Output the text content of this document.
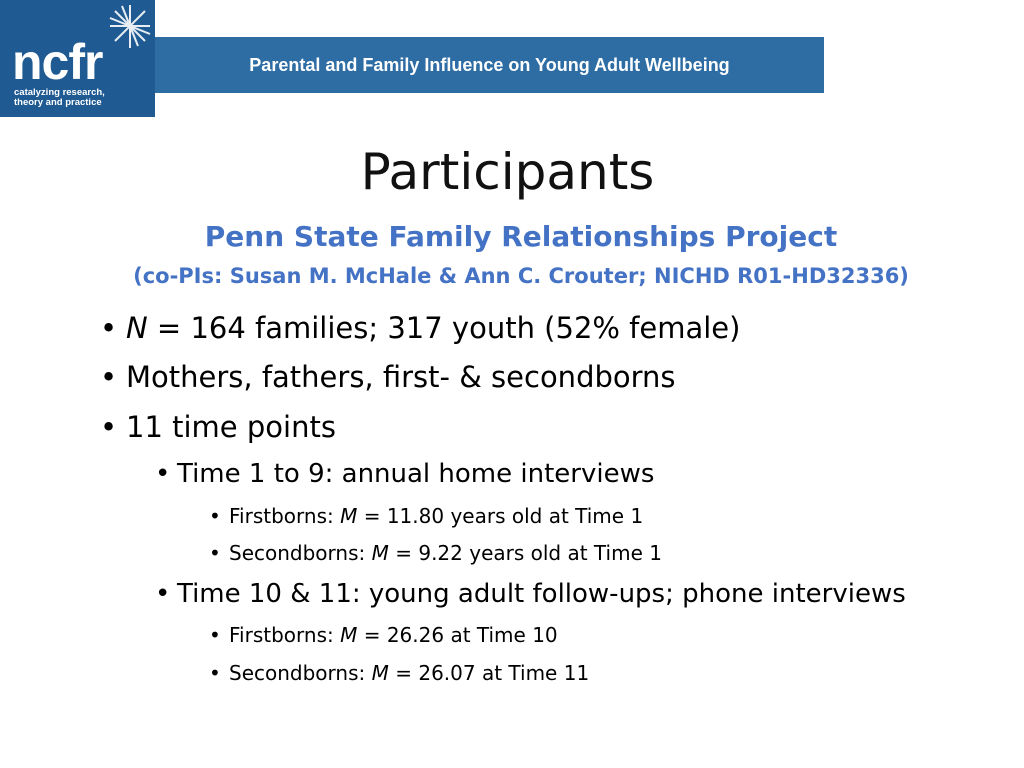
ncfr
catalyzing research,
theory and practice
Parental and Family Influence on Young Adult Wellbeing
Participants
Penn State Family Relationships Project
(co-PIs: Susan M. McHale & Ann C. Crouter; NICHD R01-HD32336)
• N = 164 families; 317 youth (52% female)
• Mothers, fathers, first- & secondborns
• 11 time points
• Time 1 to 9: annual home interviews
• Firstborns: M = 11.80 years old at Time 1
• Secondborns: M = 9.22 years old at Time 1
• Time 10 & 11: young adult follow-ups; phone interviews
• Firstborns: M = 26.26 at Time 10
• Secondborns: M = 26.07 at Time 11
